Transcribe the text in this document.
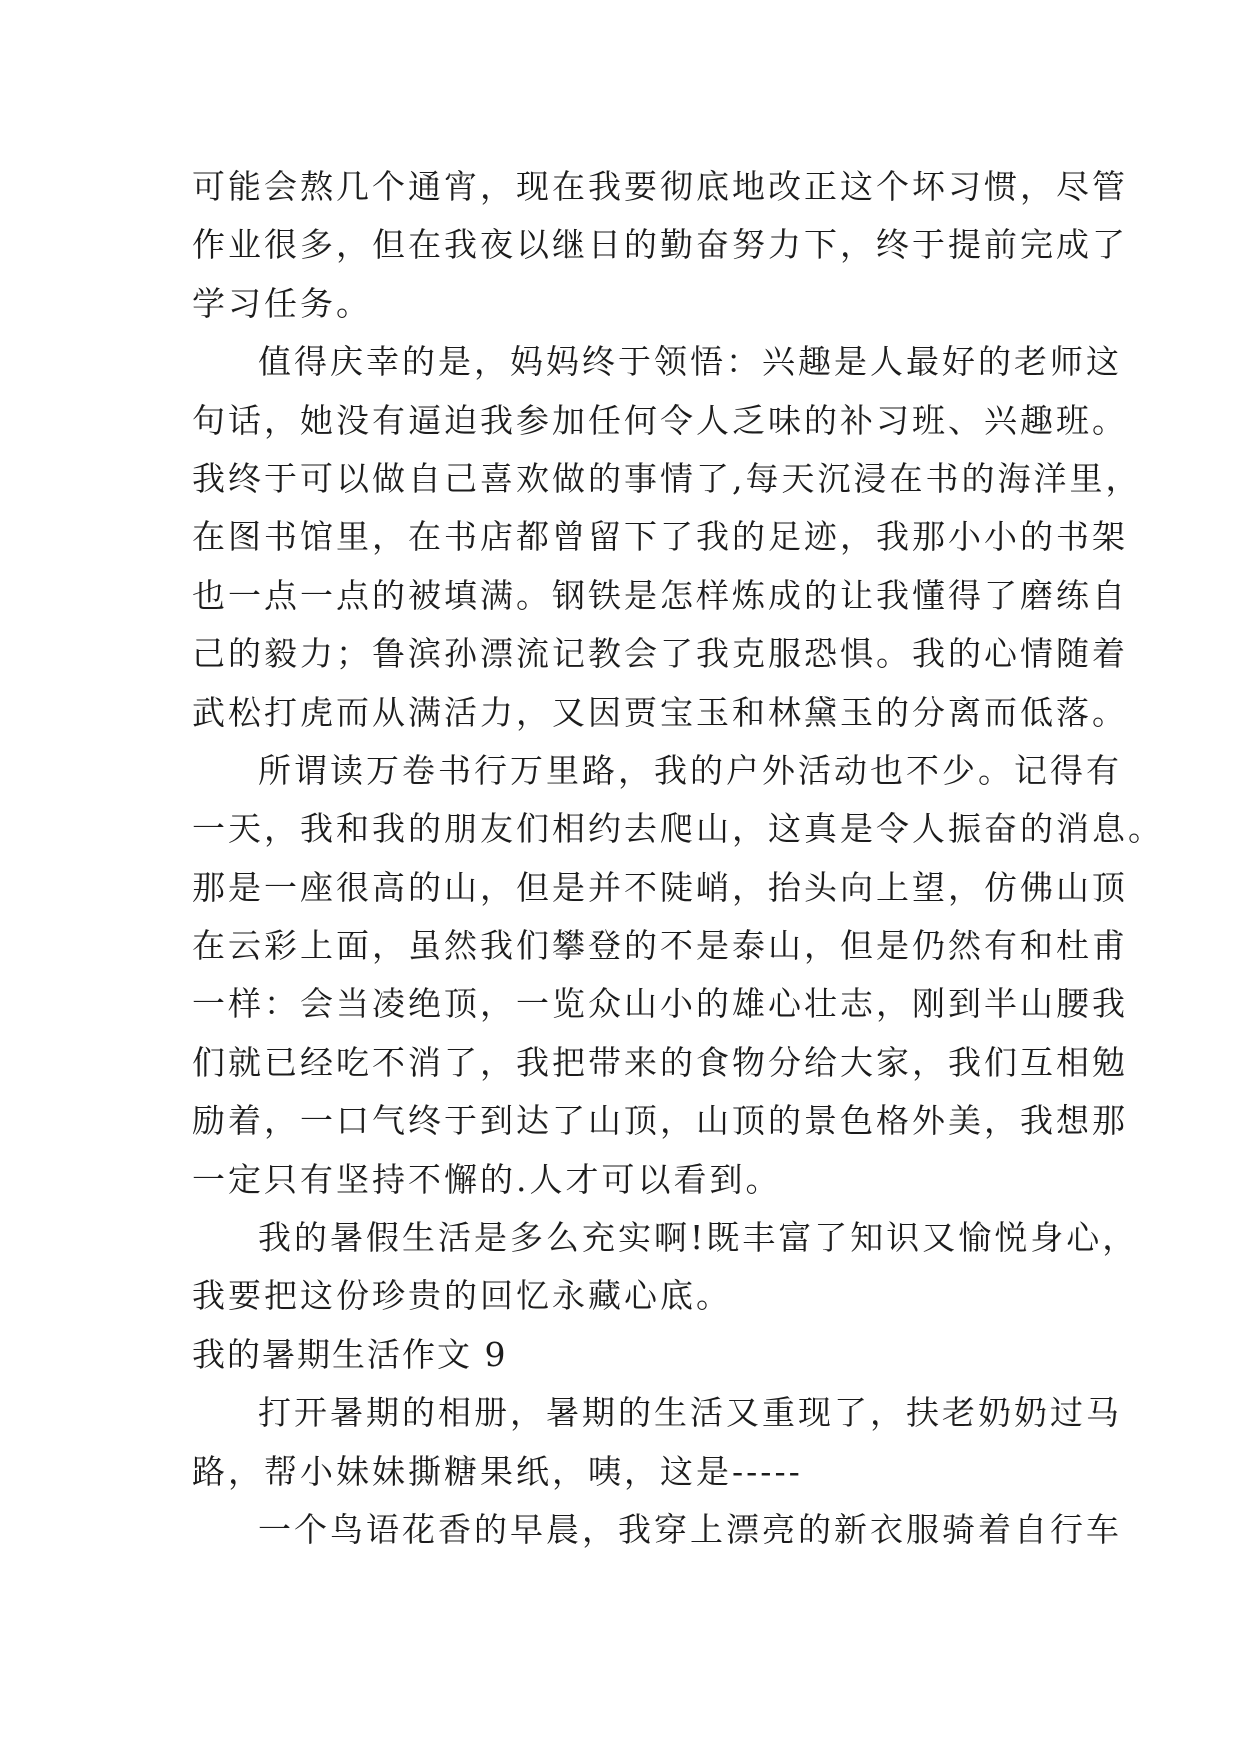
可能会熬几个通宵，现在我要彻底地改正这个坏习惯，尽管
作业很多，但在我夜以继日的勤奋努力下，终于提前完成了
学习任务。
值得庆幸的是，妈妈终于领悟：兴趣是人最好的老师这
句话，她没有逼迫我参加任何令人乏味的补习班、兴趣班。
我终于可以做自己喜欢做的事情了,每天沉浸在书的海洋里，
在图书馆里，在书店都曾留下了我的足迹，我那小小的书架
也一点一点的被填满。钢铁是怎样炼成的让我懂得了磨练自
己的毅力；鲁滨孙漂流记教会了我克服恐惧。我的心情随着
武松打虎而从满活力，又因贾宝玉和林黛玉的分离而低落。
所谓读万卷书行万里路，我的户外活动也不少。记得有
一天，我和我的朋友们相约去爬山，这真是令人振奋的消息。
那是一座很高的山，但是并不陡峭，抬头向上望，仿佛山顶
在云彩上面，虽然我们攀登的不是泰山，但是仍然有和杜甫
一样：会当凌绝顶，一览众山小的雄心壮志，刚到半山腰我
们就已经吃不消了，我把带来的食物分给大家，我们互相勉
励着，一口气终于到达了山顶，山顶的景色格外美，我想那
一定只有坚持不懈的.人才可以看到。
我的暑假生活是多么充实啊!既丰富了知识又愉悦身心，
我要把这份珍贵的回忆永藏心底。
我的暑期生活作文 9
打开暑期的相册，暑期的生活又重现了，扶老奶奶过马
路，帮小妹妹撕糖果纸，咦，这是-----
一个鸟语花香的早晨，我穿上漂亮的新衣服骑着自行车
